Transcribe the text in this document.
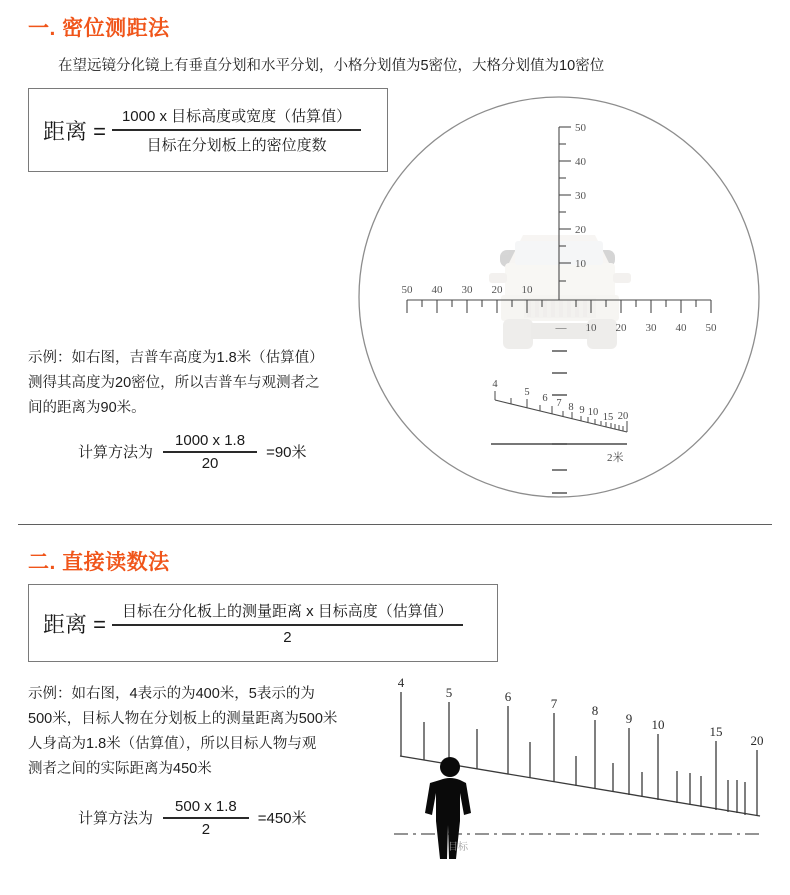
一. 密位测距法
在望远镜分化镜上有垂直分划和水平分划，小格分划值为5密位，大格分划值为10密位
距离 = $\frac{\text{1000 x 目标高度或宽度（估算值）}}{\text{目标在分划板上的密位度数}}$
示例：如右图，吉普车高度为1.8米（估算值）
测得其高度为20密位，所以吉普车与观测者之
间的距离为90米。
计算方法为 $\frac{1000 x 1.8}{20} =90$米
50
40
30
20
10
50 40 30 20 10
— 10 20 30 40 50
4
5
6 7 8 9 10 15 20
2米
二. 直接读数法
距离 = $\frac{\text{目标在分化板上的测量距离 x 目标高度（估算值）}}{2}$
示例：如右图，4表示的为400米，5表示的为
500米，目标人物在分划板上的测量距离为500米
人身高为1.8米（估算值），所以目标人物与观
测者之间的实际距离为450米
计算方法为 $\frac{500 x 1.8}{2} =450$米
4
5	6	7	8
9 10	15
20
目标
